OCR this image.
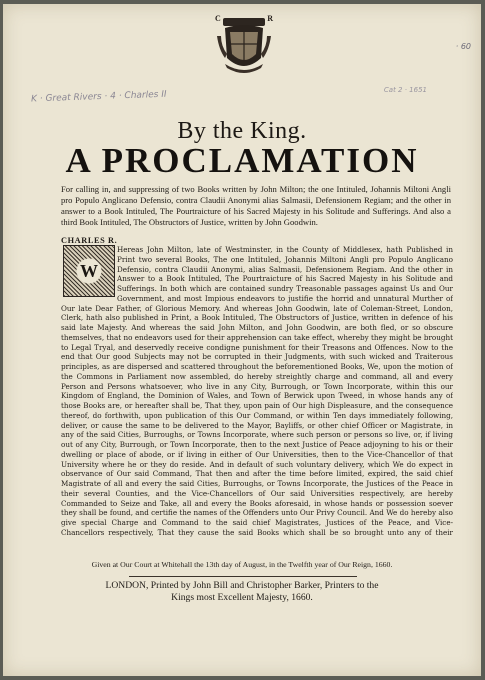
C	R
· 60
K · Great Rivers · 4 · Charles II	Cat 2 · 1651
By the King.
A PROCLAMATION
For calling in, and suppressing of two Books written by John Milton; the one Intituled, Johannis Miltoni Angli pro Populo Anglicano Defensio, contra Claudii Anonymi alias Salmasii, Defensionem Regiam; and the other in answer to a Book Intituled, The Pourtraicture of his Sacred Majesty in his Solitude and Sufferings. And also a third Book Intituled, The Obstructors of Justice, written by John Goodwin.
CHARLES R.
Hereas John Milton, late of Westminster, in the County of Middlesex, hath Published in Print two several Books, The one Intituled, Johannis Miltoni Angli pro Populo Anglicano Defensio, contra Claudii Anonymi, alias Salmasii, Defensionem Regiam. And the other in Answer to a Book Intituled, The Pourtraicture of his Sacred Majesty in his Solitude and Sufferings. In both which are contained sundry Treasonable passages against Us and Our Government, and most Impious endeavors to justifie the horrid and unnatural Murther of Our late Dear Father, of Glorious Memory. And whereas John Goodwin, late of Coleman-Street, London, Clerk, hath also published in Print, a Book Intituled, The Obstructors of Justice, written in defence of his said late Majesty. And whereas the said John Milton, and John Goodwin, are both fled, or so obscure themselves, that no endeavors used for their apprehension can take effect, whereby they might be brought to Legal Tryal, and deservedly receive condigne punishment for their Treasons and Offences. Now to the end that Our good Subjects may not be corrupted in their Judgments, with such wicked and Traiterous principles, as are dispersed and scattered throughout the beforementioned Books, We, upon the motion of the Commons in Parliament now assembled, do hereby streightly charge and command, all and every Person and Persons whatsoever, who live in any City, Burrough, or Town Incorporate, within this our Kingdom of England, the Dominion of Wales, and Town of Berwick upon Tweed, in whose hands any of those Books are, or hereafter shall be, That they, upon pain of Our high Displeasure, and the consequence thereof, do forthwith, upon publication of this Our Command, or within Ten days immediately following, deliver, or cause the same to be delivered to the Mayor, Bayliffs, or other chief Officer or Magistrate, in any of the said Cities, Burroughs, or Towns Incorporate, where such person or persons so live, or, if living out of any City, Burrough, or Town Incorporate, then to the next Justice of Peace adjoyning to his or their dwelling or place of abode, or if living in either of Our Universities, then to the Vice-Chancellor of that University where he or they do reside. And in default of such voluntary delivery, which We do expect in observance of Our said Command, That then and after the time before limited, expired, the said chief Magistrate of all and every the said Cities, Burroughs, or Towns Incorporate, the Justices of the Peace in their several Counties, and the Vice-Chancellors of Our said Universities respectively, are hereby Commanded to Seize and Take, all and every the Books aforesaid, in whose hands or possession soever they shall be found, and certifie the names of the Offenders unto Our Privy Council. And We do hereby also give special Charge and Command to the said chief Magistrates, Justices of the Peace, and Vice-Chancellors respectively, That they cause the said Books which shall be so brought unto any of their
W
Given at Our Court at Whitehall the 13th day of August, in the Twelfth year of Our Reign, 1660.
LONDON, Printed by John Bill and Christopher Barker, Printers to the
Kings most Excellent Majesty, 1660.
